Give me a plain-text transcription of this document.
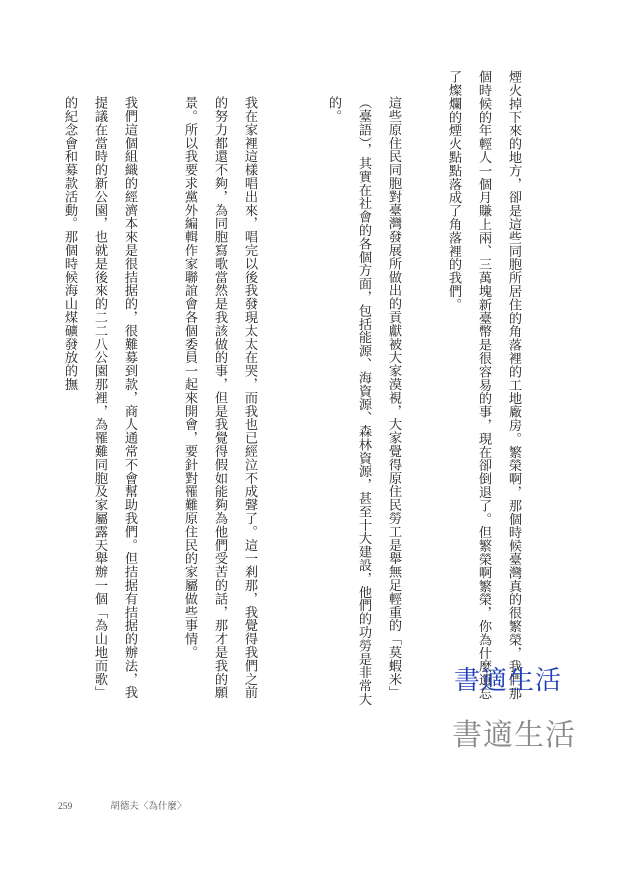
煙火掉下來的地方，卻是這些同胞所居住的角落裡的工地廠房。繁榮啊，那個時候臺灣真的很繁榮，我們那個時候的年輕人一個月賺上兩、三萬塊新臺幣是很容易的事，現在卻倒退了。但繁榮啊繁榮，你為什麼遺忘了燦爛的煙火點點落成了角落裡的我們。

這些原住民同胞對臺灣發展所做出的貢獻被大家漠視，大家覺得原住民勞工是舉無足輕重的「莫蝦米」（臺語），其實在社會的各個方面，包括能源、海資源、森林資源，甚至十大建設，他們的功勞是非常大的。

我在家裡這樣唱出來，唱完以後我發現太太在哭，而我也已經泣不成聲了。這一剎那，我覺得我們之前的努力都還不夠，為同胞寫歌當然是我該做的事，但是我覺得假如能夠為他們受苦的話，那才是我的願景。所以我要求黨外編輯作家聯誼會各個委員一起來開會，要針對罹難原住民的家屬做些事情。

我們這個組織的經濟本來是很拮据的，很難募到款，商人通常不會幫助我們。但拮据有拮据的辦法，我提議在當時的新公園，也就是後來的二二八公園那裡，為罹難同胞及家屬露天舉辦一個「為山地而歌」的紀念會和募款活動。那個時候海山煤礦發放的撫

書適生活
書適生活
259	胡德夫〈為什麼〉
